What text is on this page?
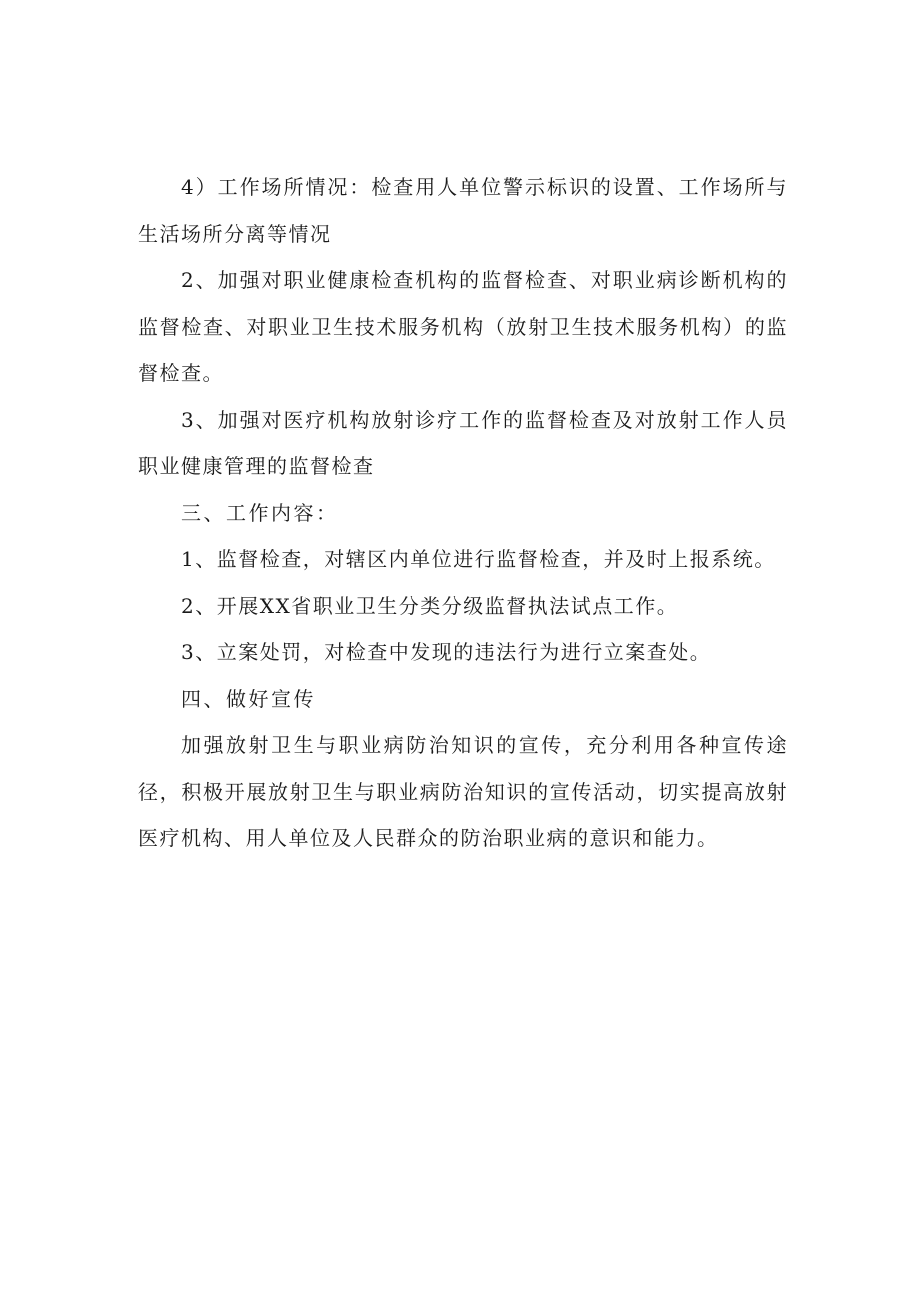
4）工作场所情况：检查用人单位警示标识的设置、工作场所与生活场所分离等情况

2、加强对职业健康检查机构的监督检查、对职业病诊断机构的监督检查、对职业卫生技术服务机构（放射卫生技术服务机构）的监督检查。

3、加强对医疗机构放射诊疗工作的监督检查及对放射工作人员职业健康管理的监督检查

三、工作内容：

1、监督检查，对辖区内单位进行监督检查，并及时上报系统。

2、开展XX省职业卫生分类分级监督执法试点工作。

3、立案处罚，对检查中发现的违法行为进行立案查处。

四、做好宣传

加强放射卫生与职业病防治知识的宣传，充分利用各种宣传途径，积极开展放射卫生与职业病防治知识的宣传活动，切实提高放射医疗机构、用人单位及人民群众的防治职业病的意识和能力。
